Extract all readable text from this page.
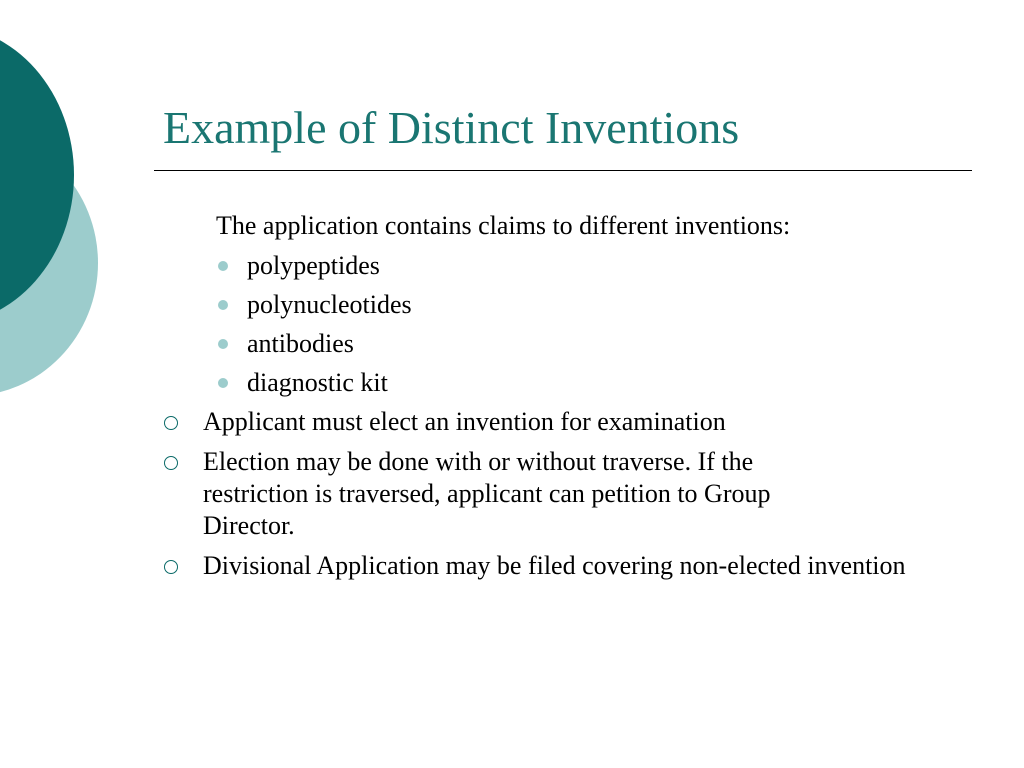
Example of Distinct Inventions
The application contains claims to different inventions:
polypeptides
polynucleotides
antibodies
diagnostic kit
Applicant must elect an invention for examination
Election may be done with or without traverse. If the restriction is traversed, applicant can petition to Group Director.
Divisional Application may be filed covering non-elected invention
